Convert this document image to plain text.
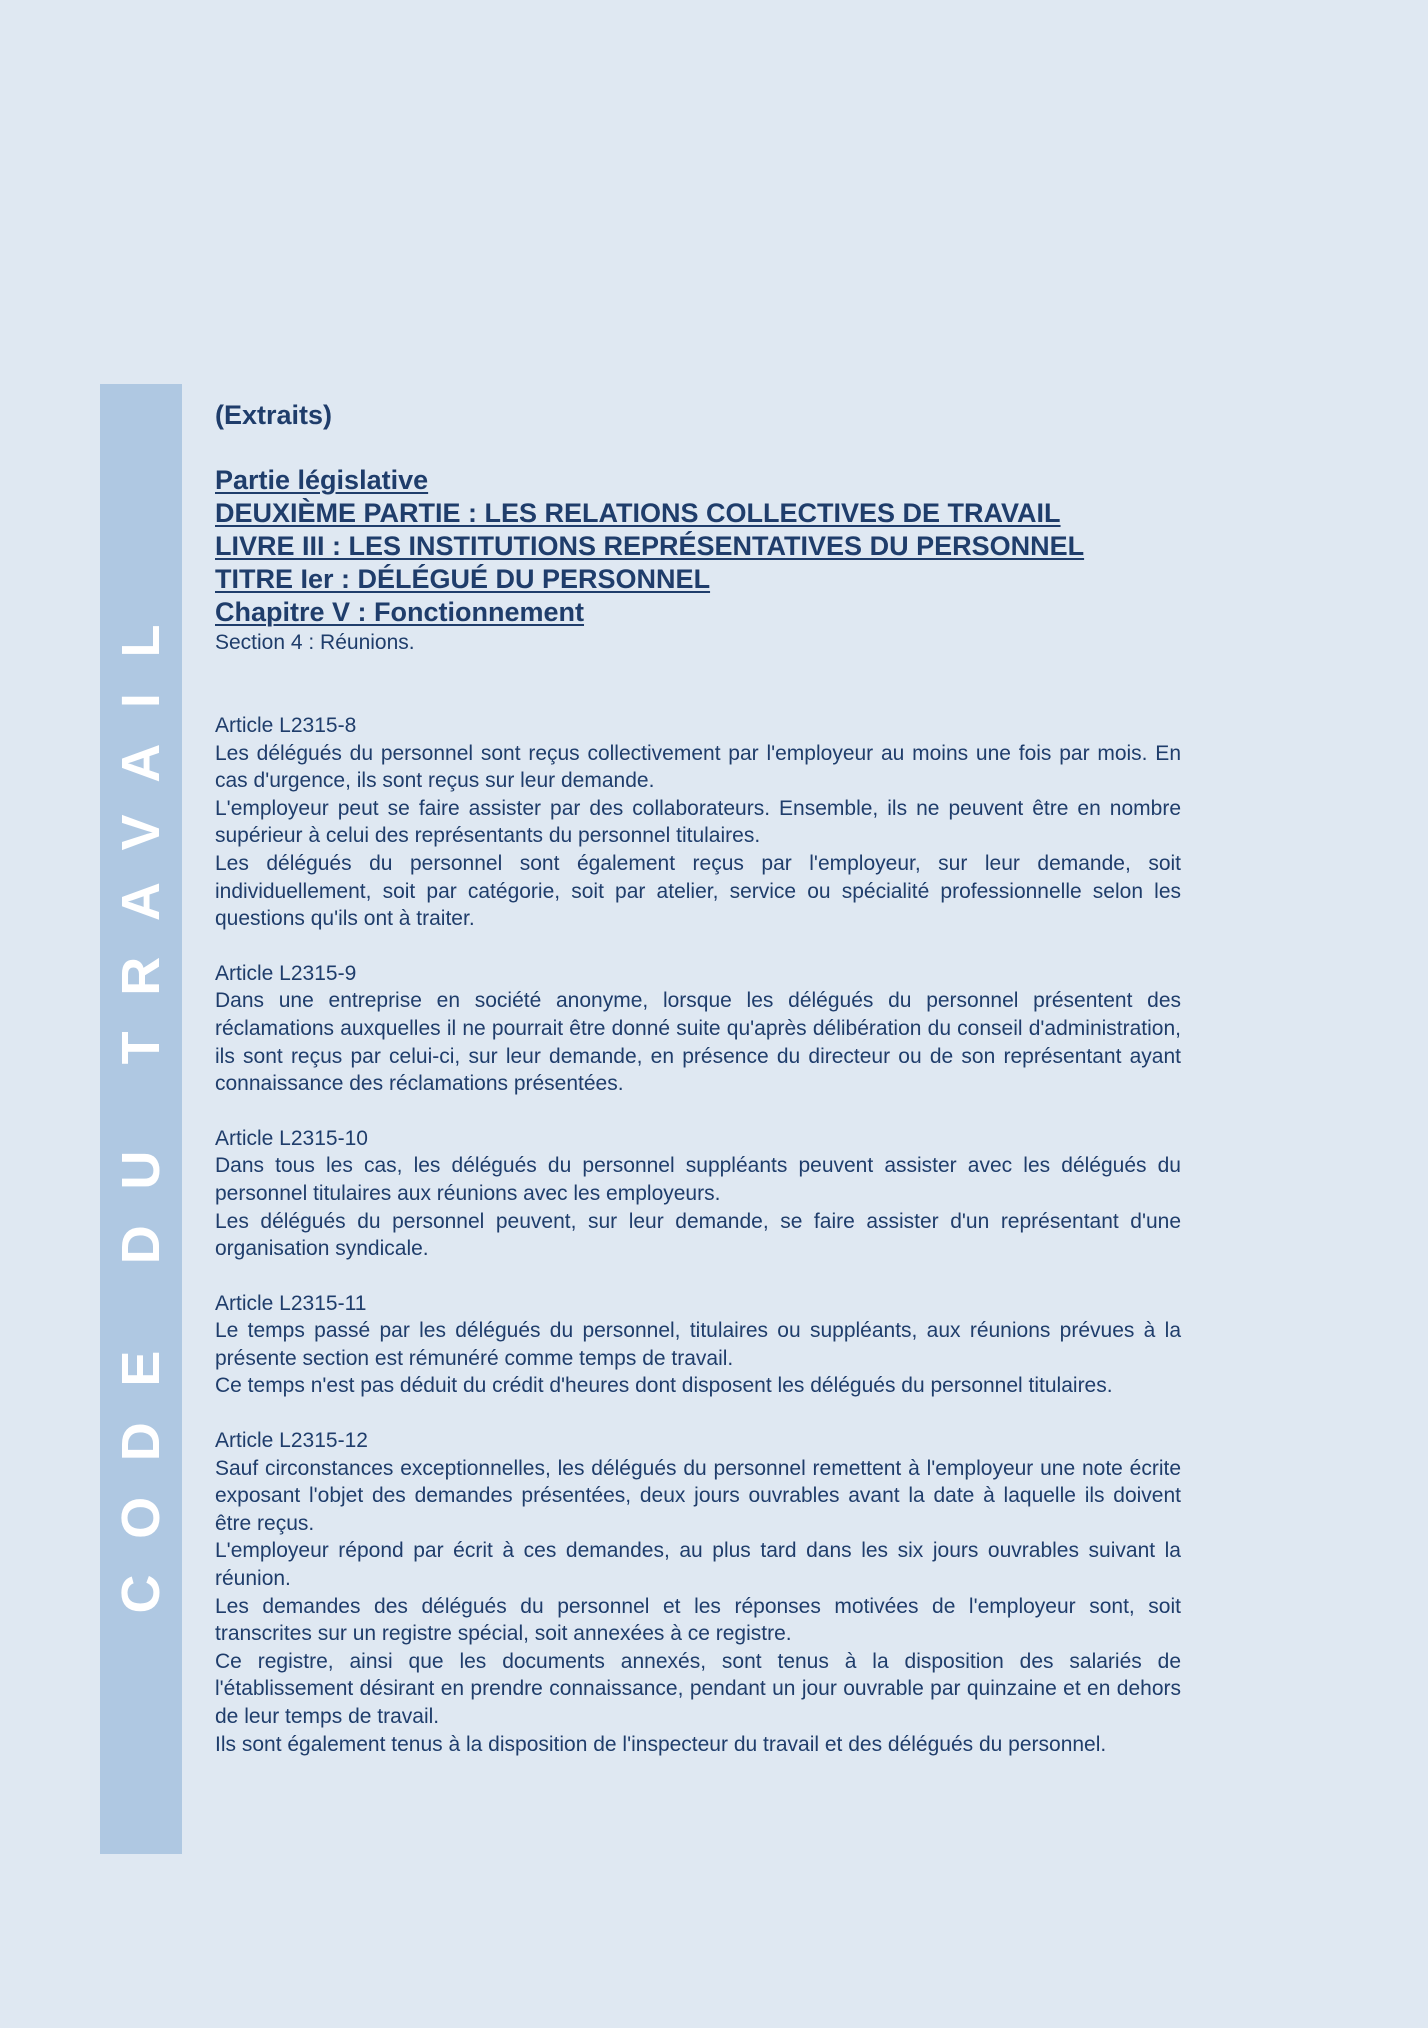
CODE DU TRAVAIL
(Extraits)
Partie législative
DEUXIÈME PARTIE : LES RELATIONS COLLECTIVES DE TRAVAIL
LIVRE III : LES INSTITUTIONS REPRÉSENTATIVES DU PERSONNEL
TITRE Ier : DÉLÉGUÉ DU PERSONNEL
Chapitre V : Fonctionnement
Section 4 : Réunions.
Article L2315-8

Les délégués du personnel sont reçus collectivement par l'employeur au moins une fois par mois. En cas d'urgence, ils sont reçus sur leur demande.

L'employeur peut se faire assister par des collaborateurs. Ensemble, ils ne peuvent être en nombre supérieur à celui des représentants du personnel titulaires.

Les délégués du personnel sont également reçus par l'employeur, sur leur demande, soit individuellement, soit par catégorie, soit par atelier, service ou spécialité professionnelle selon les questions qu'ils ont à traiter.

Article L2315-9

Dans une entreprise en société anonyme, lorsque les délégués du personnel présentent des réclamations auxquelles il ne pourrait être donné suite qu'après délibération du conseil d'administration, ils sont reçus par celui-ci, sur leur demande, en présence du directeur ou de son représentant ayant connaissance des réclamations présentées.

Article L2315-10

Dans tous les cas, les délégués du personnel suppléants peuvent assister avec les délégués du personnel titulaires aux réunions avec les employeurs.

Les délégués du personnel peuvent, sur leur demande, se faire assister d'un représentant d'une organisation syndicale.

Article L2315-11

Le temps passé par les délégués du personnel, titulaires ou suppléants, aux réunions prévues à la présente section est rémunéré comme temps de travail.

Ce temps n'est pas déduit du crédit d'heures dont disposent les délégués du personnel titulaires.

Article L2315-12

Sauf circonstances exceptionnelles, les délégués du personnel remettent à l'employeur une note écrite exposant l'objet des demandes présentées, deux jours ouvrables avant la date à laquelle ils doivent être reçus.

L'employeur répond par écrit à ces demandes, au plus tard dans les six jours ouvrables suivant la réunion.

Les demandes des délégués du personnel et les réponses motivées de l'employeur sont, soit transcrites sur un registre spécial, soit annexées à ce registre.

Ce registre, ainsi que les documents annexés, sont tenus à la disposition des salariés de l'établissement désirant en prendre connaissance, pendant un jour ouvrable par quinzaine et en dehors de leur temps de travail.

Ils sont également tenus à la disposition de l'inspecteur du travail et des délégués du personnel.
